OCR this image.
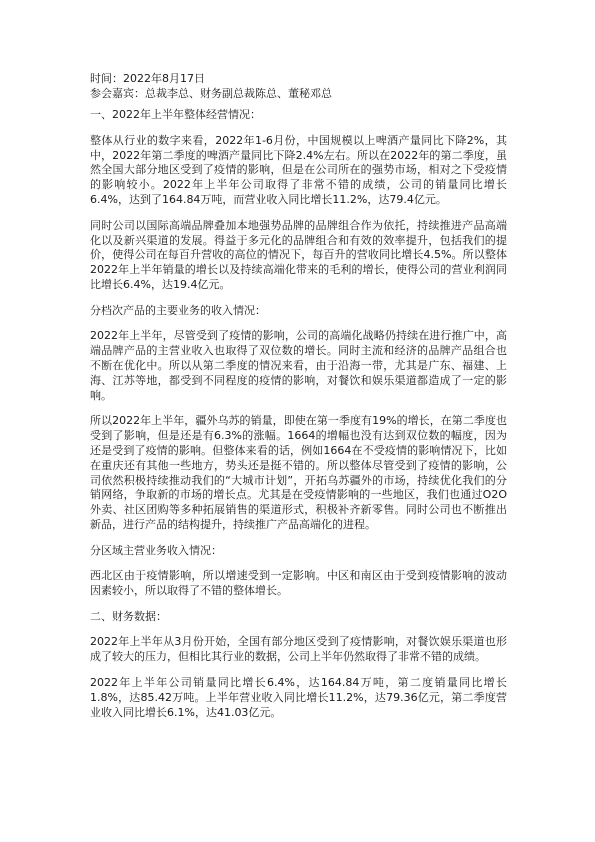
时间：2022年8月17日

参会嘉宾：总裁李总、财务副总裁陈总、董秘邓总

一、2022年上半年整体经营情况：

整体从行业的数字来看，2022年1-6月份，中国规模以上啤酒产量同比下降2%，其中，2022年第二季度的啤酒产量同比下降2.4%左右。所以在2022年的第二季度，虽然全国大部分地区受到了疫情的影响，但是在公司所在的强势市场，相对之下受疫情的影响较小。2022年上半年公司取得了非常不错的成绩，公司的销量同比增长6.4%，达到了164.84万吨，而营业收入同比增长11.2%，达79.4亿元。

同时公司以国际高端品牌叠加本地强势品牌的品牌组合作为依托，持续推进产品高端化以及新兴渠道的发展。得益于多元化的品牌组合和有效的效率提升，包括我们的提价，使得公司在每百升营收的高位的情况下，每百升的营收同比增长4.5%。所以整体2022年上半年销量的增长以及持续高端化带来的毛利的增长，使得公司的营业利润同比增长6.4%，达19.4亿元。

分档次产品的主要业务的收入情况：

2022年上半年，尽管受到了疫情的影响，公司的高端化战略仍持续在进行推广中，高端品牌产品的主营业收入也取得了双位数的增长。同时主流和经济的品牌产品组合也不断在优化中。所以从第二季度的情况来看，由于沿海一带，尤其是广东、福建、上海、江苏等地，都受到不同程度的疫情的影响，对餐饮和娱乐渠道都造成了一定的影响。

所以2022年上半年，疆外乌苏的销量，即使在第一季度有19%的增长，在第二季度也受到了影响，但是还是有6.3%的涨幅。1664的增幅也没有达到双位数的幅度，因为还是受到了疫情的影响。但整体来看的话，例如1664在不受疫情的影响情况下，比如在重庆还有其他一些地方，势头还是挺不错的。所以整体尽管受到了疫情的影响，公司依然积极持续推动我们的“大城市计划”，开拓乌苏疆外的市场，持续优化我们的分销网络，争取新的市场的增长点。尤其是在受疫情影响的一些地区，我们也通过O2O外卖、社区团购等多种拓展销售的渠道形式，积极补齐新零售。同时公司也不断推出新品，进行产品的结构提升，持续推广产品高端化的进程。

分区域主营业务收入情况：

西北区由于疫情影响，所以增速受到一定影响。中区和南区由于受到疫情影响的波动因素较小，所以取得了不错的整体增长。

二、财务数据：

2022年上半年从3月份开始，全国有部分地区受到了疫情影响，对餐饮娱乐渠道也形成了较大的压力，但相比其行业的数据，公司上半年仍然取得了非常不错的成绩。

2022年上半年公司销量同比增长6.4%，达164.84万吨，第二度销量同比增长1.8%，达85.42万吨。上半年营业收入同比增长11.2%，达79.36亿元，第二季度营业收入同比增长6.1%，达41.03亿元。
